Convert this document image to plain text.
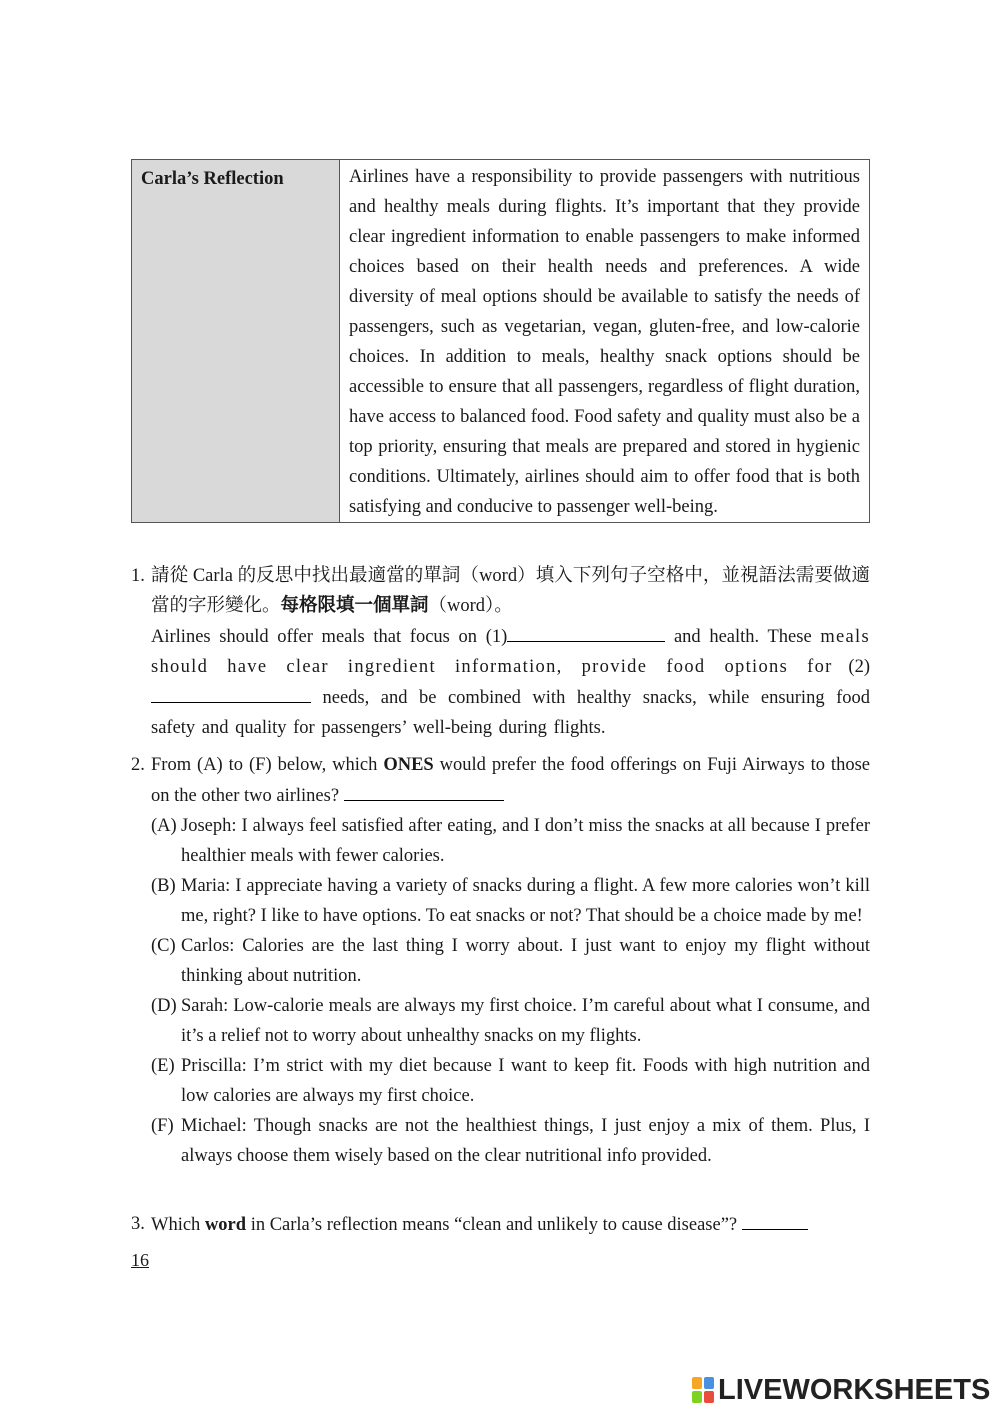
Carla’s Reflection	Airlines have a responsibility to provide passengers with nutritious and healthy meals during flights. It’s important that they provide clear ingredient information to enable passengers to make informed choices based on their health needs and preferences. A wide diversity of meal options should be available to satisfy the needs of passengers, such as vegetarian, vegan, gluten-free, and low-calorie choices. In addition to meals, healthy snack options should be accessible to ensure that all passengers, regardless of flight duration, have access to balanced food. Food safety and quality must also be a top priority, ensuring that meals are prepared and stored in hygienic conditions. Ultimately, airlines should aim to offer food that is both satisfying and conducive to passenger well-being.
1. 請從 Carla 的反思中找出最適當的單詞（word）填入下列句子空格中，並視語法需要做適當的字形變化。每格限填一個單詞（word）。
Airlines should offer meals that focus on (1)	and health. These meals should have clear ingredient information, provide food options for (2) needs, and be combined with healthy snacks, while ensuring food safety and quality for passengers’ well-being during flights.
2. From (A) to (F) below, which ONES would prefer the food offerings on Fuji Airways to those on the other two airlines?
(A) Joseph: I always feel satisfied after eating, and I don’t miss the snacks at all because I prefer healthier meals with fewer calories.
(B) Maria: I appreciate having a variety of snacks during a flight. A few more calories won’t kill me, right? I like to have options. To eat snacks or not? That should be a choice made by me!
(C) Carlos: Calories are the last thing I worry about. I just want to enjoy my flight without thinking about nutrition.
(D) Sarah: Low-calorie meals are always my first choice. I’m careful about what I consume, and it’s a relief not to worry about unhealthy snacks on my flights.
(E) Priscilla: I’m strict with my diet because I want to keep fit. Foods with high nutrition and low calories are always my first choice.
(F) Michael: Though snacks are not the healthiest things, I just enjoy a mix of them. Plus, I always choose them wisely based on the clear nutritional info provided.
3. Which word in Carla’s reflection means “clean and unlikely to cause disease”?
16
LIVEWORKSHEETS
